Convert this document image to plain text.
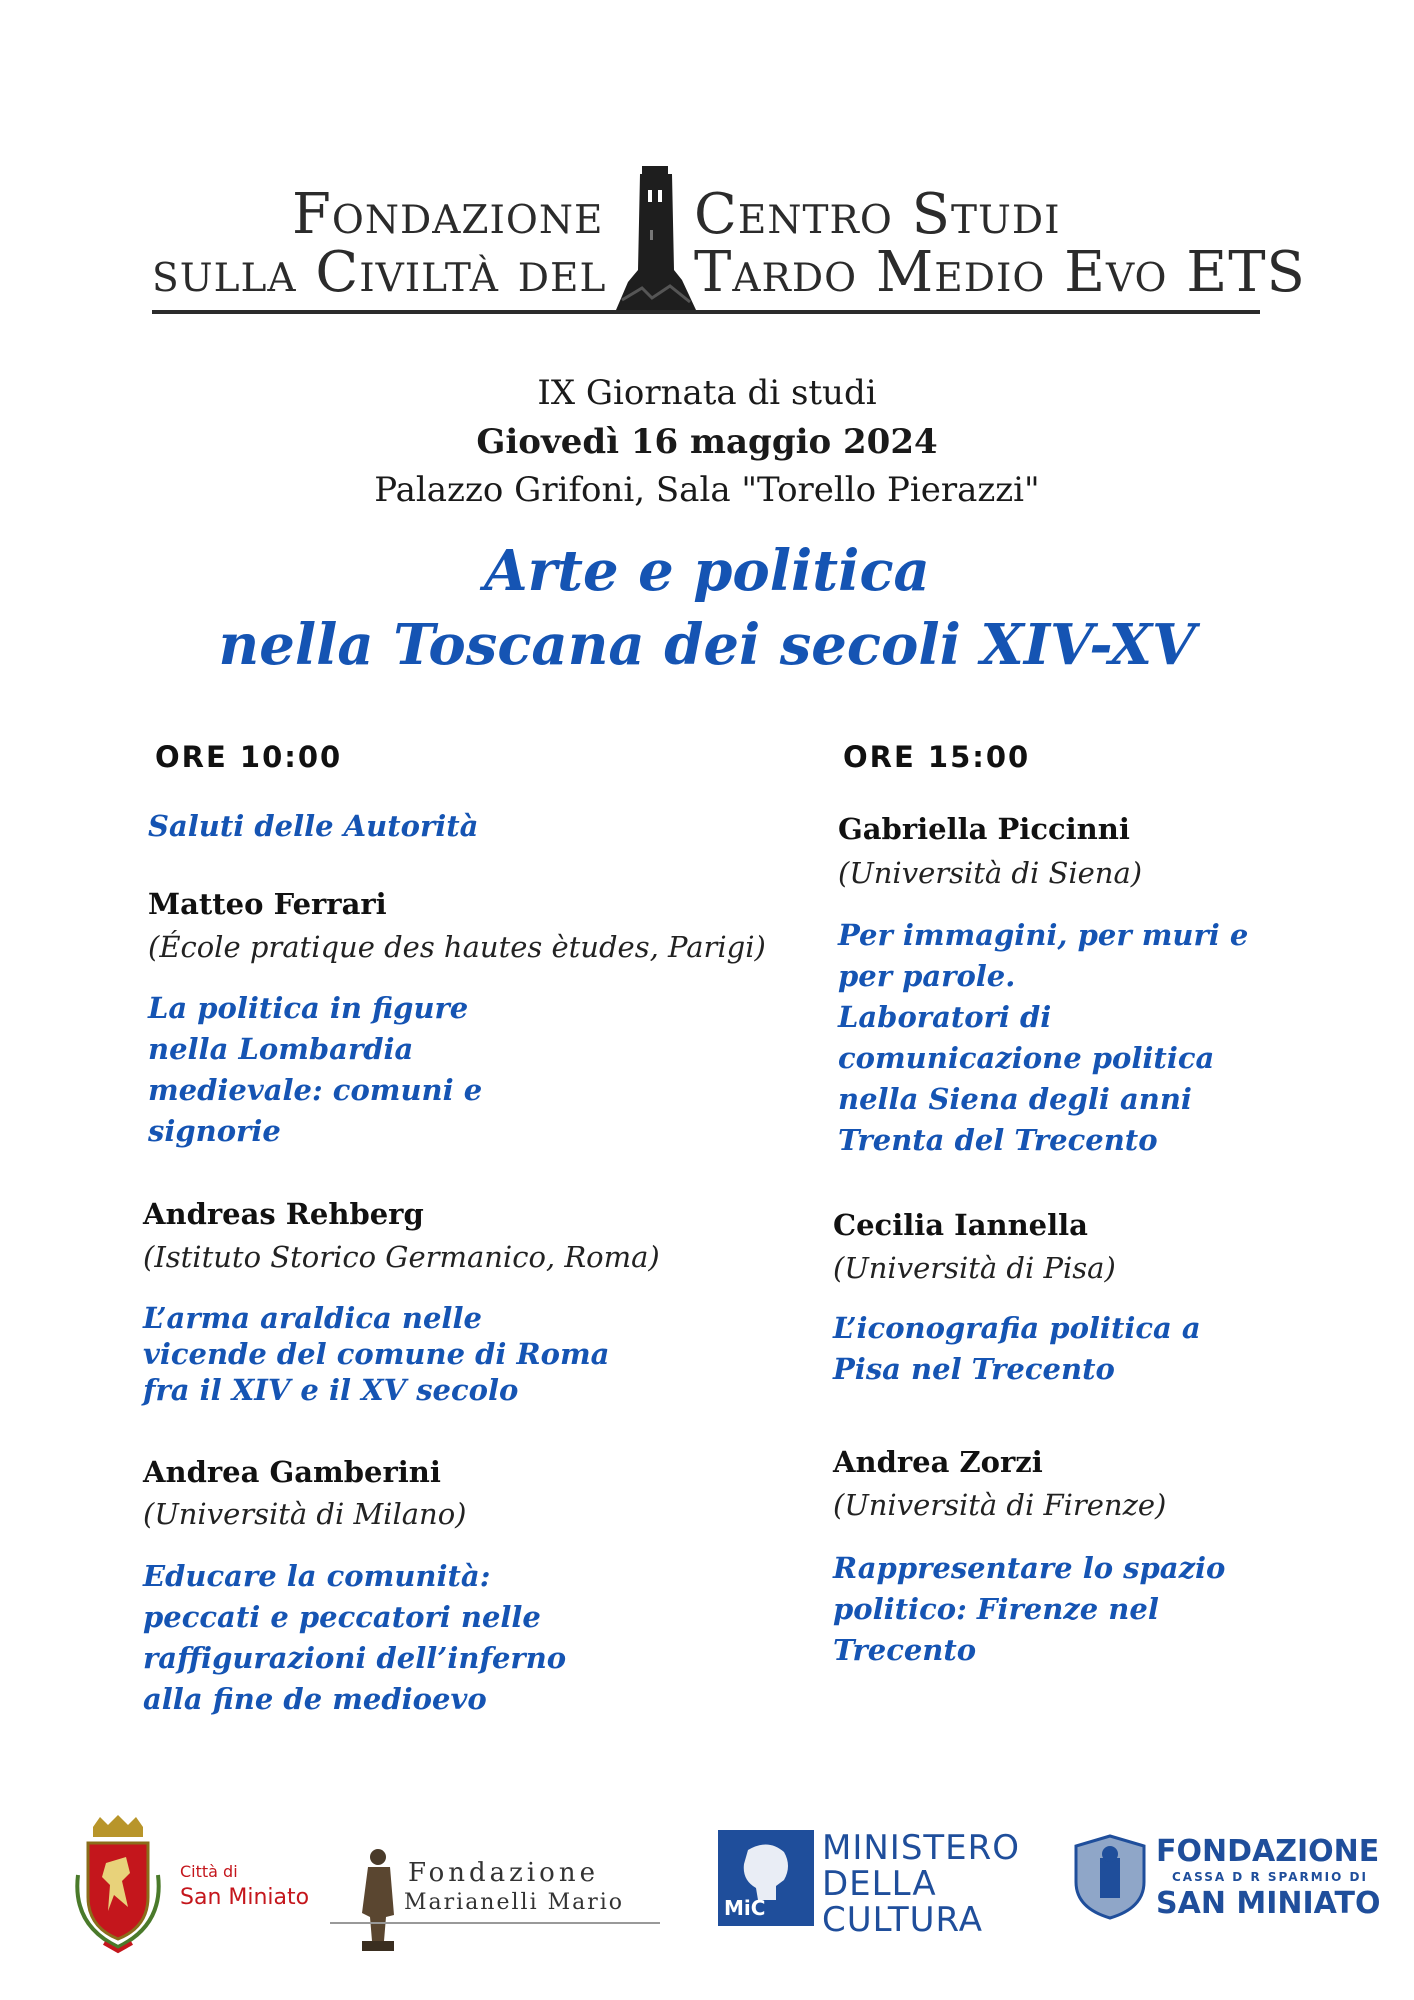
Fondazione
sulla Civiltà del
Centro Studi
Tardo Medio Evo ETS
IX Giornata di studi
Giovedì 16 maggio 2024
Palazzo Grifoni, Sala "Torello Pierazzi"
Arte e politica
nella Toscana dei secoli XIV-XV
ORE 10:00
Saluti delle Autorità
Matteo Ferrari
(École pratique des hautes ètudes, Parigi)
La politica in figure
nella Lombardia
medievale: comuni e
signorie
Andreas Rehberg
(Istituto Storico Germanico, Roma)
L’arma araldica nelle
vicende del comune di Roma
fra il XIV e il XV secolo
Andrea Gamberini
(Università di Milano)
Educare la comunità:
peccati e peccatori nelle
raffigurazioni dell’inferno
alla fine de medioevo
ORE 15:00
Gabriella Piccinni
(Università di Siena)
Per immagini, per muri e
per parole.
Laboratori di
comunicazione politica
nella Siena degli anni
Trenta del Trecento
Cecilia Iannella
(Università di Pisa)
L’iconografia politica a
Pisa nel Trecento
Andrea Zorzi
(Università di Firenze)
Rappresentare lo spazio
politico: Firenze nel
Trecento
Città di
San Miniato
Fondazione
Marianelli Mario	MiC
MINISTERO
DELLA
CULTURA
FONDAZIONE
CASSA D R SPARMIO DI
SAN MINIATO
